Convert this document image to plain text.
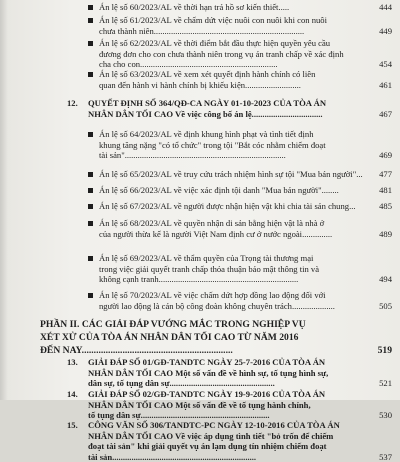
Án lệ số 60/2023/AL về thời hạn trả hồ sơ kiến thiết.....	444
Án lệ số 61/2023/AL về chấm dứt việc nuôi con nuôi khi con nuôi
chưa thành niên......................................................................	449
Án lệ số 62/2023/AL về thời điểm bắt đầu thực hiện quyền yêu cầu
đương đơn cho con chưa thành niên trong vụ án tranh chấp về xác định
cha cho con................................................................	454
Án lệ số 63/2023/AL về xem xét quyết định hành chính có liên
quan đến hành vi hành chính bị khiếu kiện..........................	461
12. QUYẾT ĐỊNH SỐ 364/QĐ-CA NGÀY 01-10-2023 CỦA TÒA ÁN
NHÂN DÂN TỐI CAO Về việc công bố án lệ.................................	467
Án lệ số 64/2023/AL về định khung hình phạt và tình tiết định
khung tăng nặng "có tổ chức" trong tội "Bắt cóc nhằm chiếm đoạt
tài sản"...........................................................................	469
Án lệ số 65/2023/AL về truy cứu trách nhiệm hình sự tội "Mua bán người"... 477
Án lệ số 66/2023/AL về việc xác định tội danh "Mua bán người"........	481
Án lệ số 67/2023/AL về người được nhận hiện vật khi chia tài sản chung...	485
Án lệ số 68/2023/AL về quyền nhận di sản bằng hiện vật là nhà ở
của người thừa kế là người Việt Nam định cư ở nước ngoài..............	489
Án lệ số 69/2023/AL về thẩm quyền của Trọng tài thương mại
trong việc giải quyết tranh chấp thỏa thuận bảo mật thông tin và
không cạnh tranh.................................................................	494
Án lệ số 70/2023/AL về việc chấm dứt hợp đồng lao động đối với
người lao động là cán bộ công đoàn không chuyên trách....................	505
PHẦN II. CÁC GIẢI ĐÁP VƯỚNG MẮC TRONG NGHIỆP VỤ
XÉT XỬ CỦA TÒA ÁN NHÂN DÂN TỐI CAO TỪ NĂM 2016
ĐẾN NAY...............................................................	519
13. GIẢI ĐÁP SỐ 01/GĐ-TANDTC NGÀY 25-7-2016 CỦA TÒA ÁN
NHÂN DÂN TỐI CAO Một số vấn đề về hình sự, tố tụng hình sự,
dân sự, tố tụng dân sự.................................................	521
14. GIẢI ĐÁP SỐ 02/GĐ-TANDTC NGÀY 19-9-2016 CỦA TÒA ÁN
NHÂN DÂN TỐI CAO Một số vấn đề về tố tụng hành chính,
tố tụng dân sự............................................................	530
15. CÔNG VĂN SỐ 306/TANDTC-PC NGÀY 12-10-2016 CỦA TÒA ÁN
NHÂN DÂN TỐI CAO Về việc áp dụng tình tiết "bỏ trốn để chiếm
đoạt tài sản" khi giải quyết vụ án lạm dụng tín nhiệm chiếm đoạt
tài sản...................................................................	537
